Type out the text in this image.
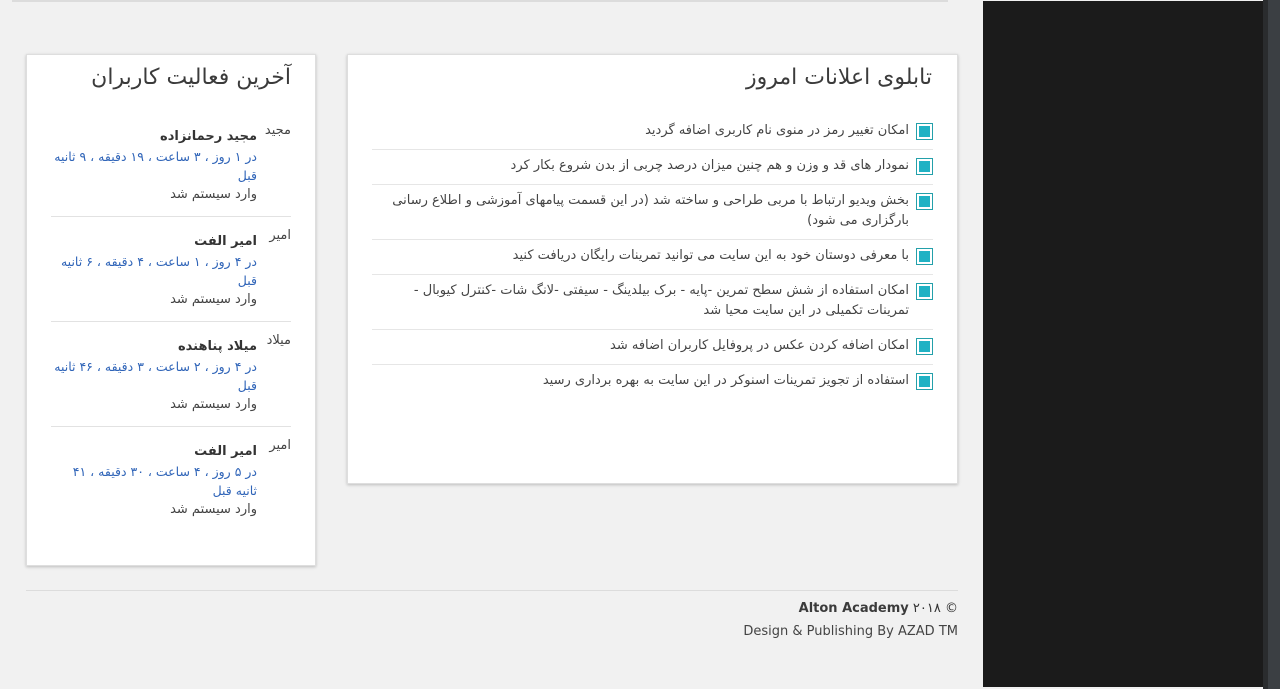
تابلوی اعلانات امروز
امکان تغییر رمز در منوی نام کاربری اضافه گردید
نمودار های قد و وزن و هم چنین میزان درصد چربی از بدن شروع بکار کرد
بخش ویدیو ارتباط با مربی طراحی و ساخته شد (در این قسمت پیامهای آموزشی و اطلاع رسانی بارگزاری می شود)
با معرفی دوستان خود به این سایت می توانید تمرینات رایگان دریافت کنید
امکان استفاده از شش سطح تمرین -پایه - برک بیلدینگ - سیفتی -لانگ شات -کنترل کیوبال - تمرینات تکمیلی در این سایت محیا شد
امکان اضافه کردن عکس در پروفایل کاربران اضافه شد
استفاده از تجویز تمرینات اسنوکر در این سایت به بهره برداری رسید
آخرین فعالیت کاربران
مجید
مجید رحمانزاده
در ۱ روز ، ۳ ساعت ، ۱۹ دقیقه ، ۹ ثانیه قبل
وارد سیستم شد
امیر
امیر الفت
در ۴ روز ، ۱ ساعت ، ۴ دقیقه ، ۶ ثانیه قبل
وارد سیستم شد
میلاد
میلاد پناهنده
در ۴ روز ، ۲ ساعت ، ۳ دقیقه ، ۴۶ ثانیه قبل
وارد سیستم شد
امیر
امیر الفت
در ۵ روز ، ۴ ساعت ، ۳۰ دقیقه ، ۴۱ ثانیه قبل
وارد سیستم شد
Alton Academy ۲۰۱۸ ©
Design & Publishing By AZAD TM
